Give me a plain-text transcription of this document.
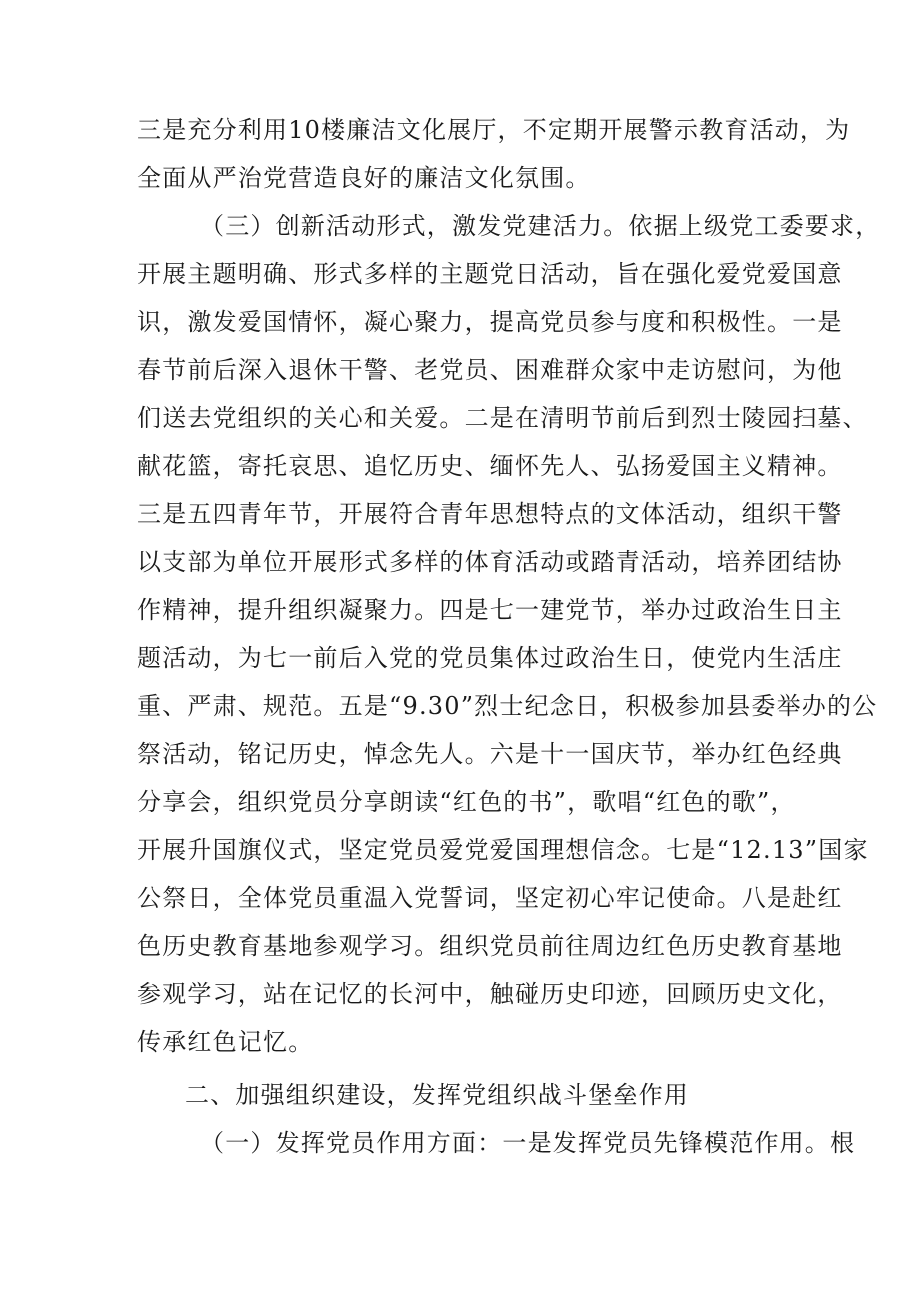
三是充分利用10楼廉洁文化展厅，不定期开展警示教育活动，为
全面从严治党营造良好的廉洁文化氛围。
（三）创新活动形式，激发党建活力。依据上级党工委要求，
开展主题明确、形式多样的主题党日活动，旨在强化爱党爱国意
识，激发爱国情怀，凝心聚力，提高党员参与度和积极性。一是
春节前后深入退休干警、老党员、困难群众家中走访慰问，为他
们送去党组织的关心和关爱。二是在清明节前后到烈士陵园扫墓、
献花篮，寄托哀思、追忆历史、缅怀先人、弘扬爱国主义精神。
三是五四青年节，开展符合青年思想特点的文体活动，组织干警
以支部为单位开展形式多样的体育活动或踏青活动，培养团结协
作精神，提升组织凝聚力。四是七一建党节，举办过政治生日主
题活动，为七一前后入党的党员集体过政治生日，使党内生活庄
重、严肃、规范。五是“9.30”烈士纪念日，积极参加县委举办的公
祭活动，铭记历史，悼念先人。六是十一国庆节，举办红色经典
分享会，组织党员分享朗读“红色的书”，歌唱“红色的歌”，
开展升国旗仪式，坚定党员爱党爱国理想信念。七是“12.13”国家
公祭日，全体党员重温入党誓词，坚定初心牢记使命。八是赴红
色历史教育基地参观学习。组织党员前往周边红色历史教育基地
参观学习，站在记忆的长河中，触碰历史印迹，回顾历史文化，
传承红色记忆。
二、加强组织建设，发挥党组织战斗堡垒作用
（一）发挥党员作用方面：一是发挥党员先锋模范作用。根
